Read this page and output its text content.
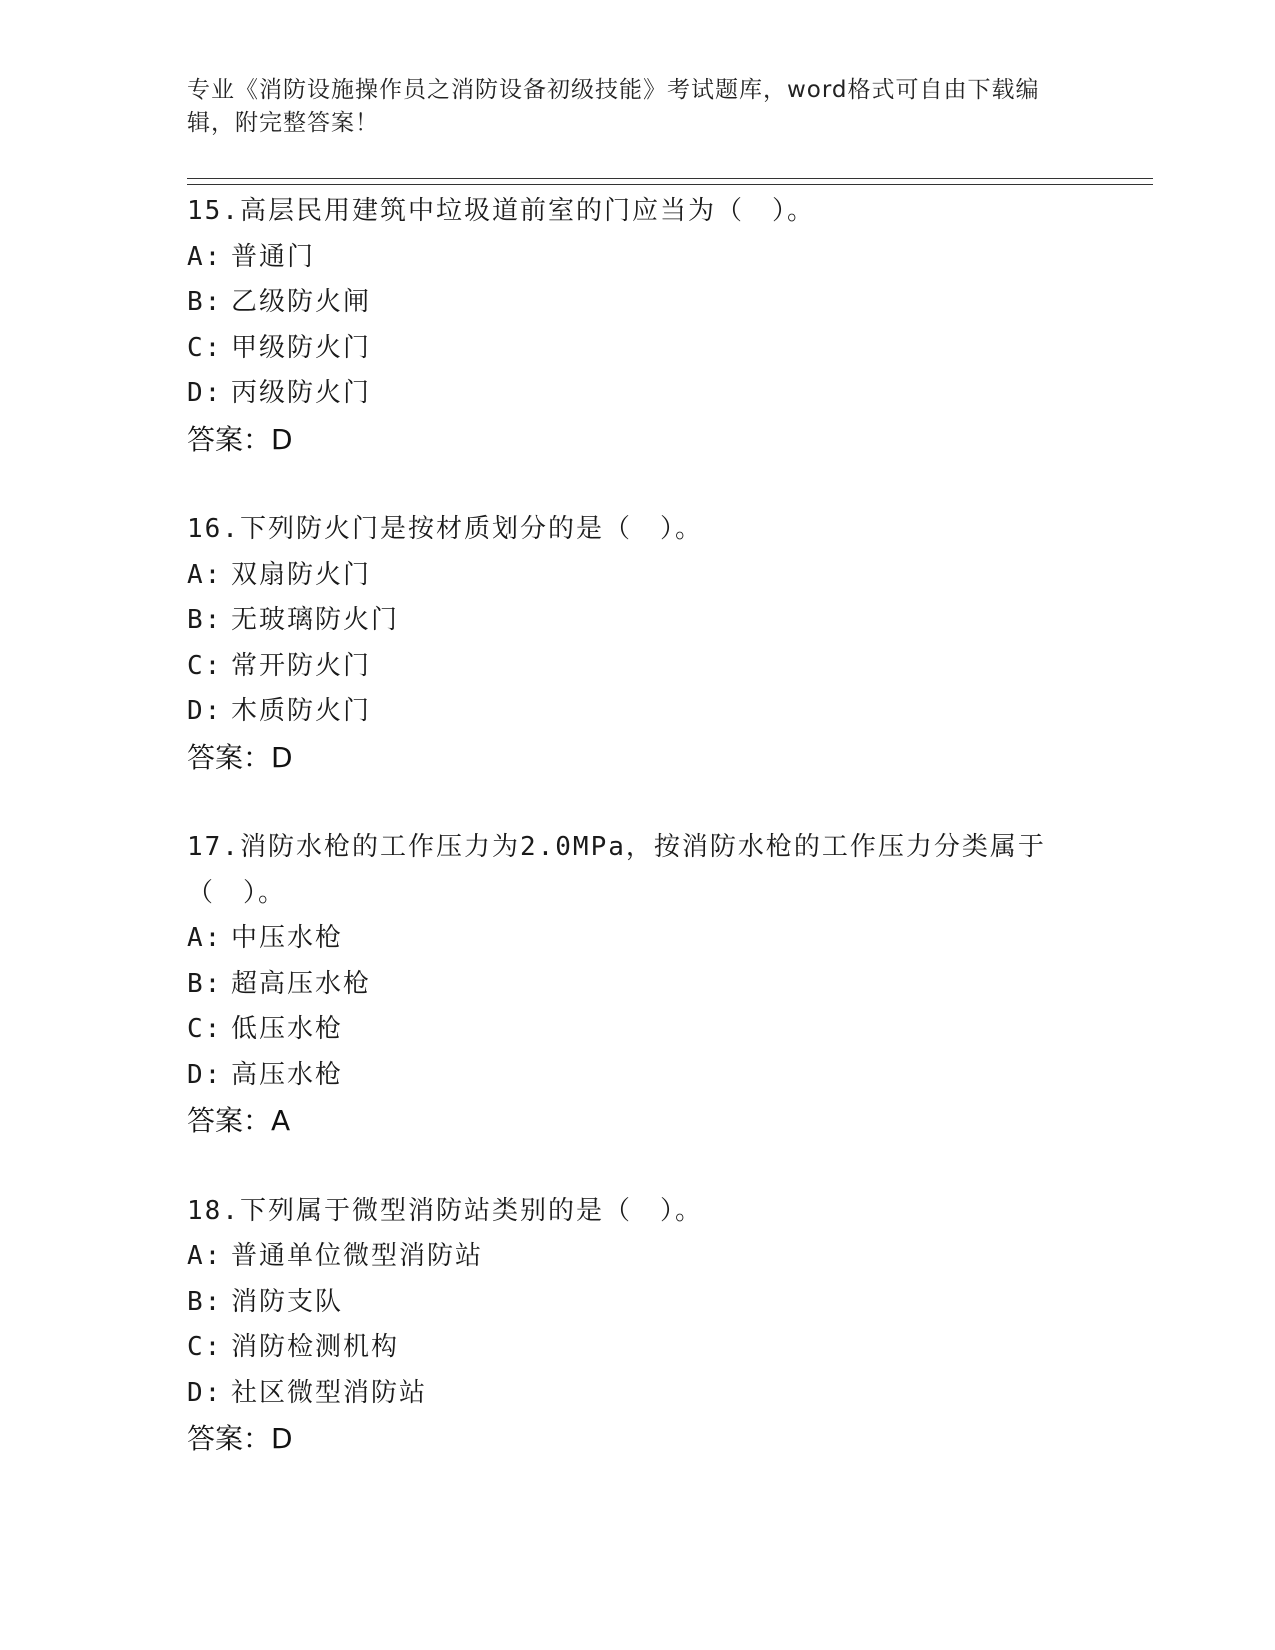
专业《消防设施操作员之消防设备初级技能》考试题库，word格式可自由下载编辑，附完整答案！
15.高层民用建筑中垃圾道前室的门应当为（　）。
A: 普通门
B: 乙级防火闸
C: 甲级防火门
D: 丙级防火门
答案：D
16.下列防火门是按材质划分的是（　）。
A: 双扇防火门
B: 无玻璃防火门
C: 常开防火门
D: 木质防火门
答案：D
17.消防水枪的工作压力为2.0MPa，按消防水枪的工作压力分类属于（　）。
A: 中压水枪
B: 超高压水枪
C: 低压水枪
D: 高压水枪
答案：A
18.下列属于微型消防站类别的是（　）。
A: 普通单位微型消防站
B: 消防支队
C: 消防检测机构
D: 社区微型消防站
答案：D
